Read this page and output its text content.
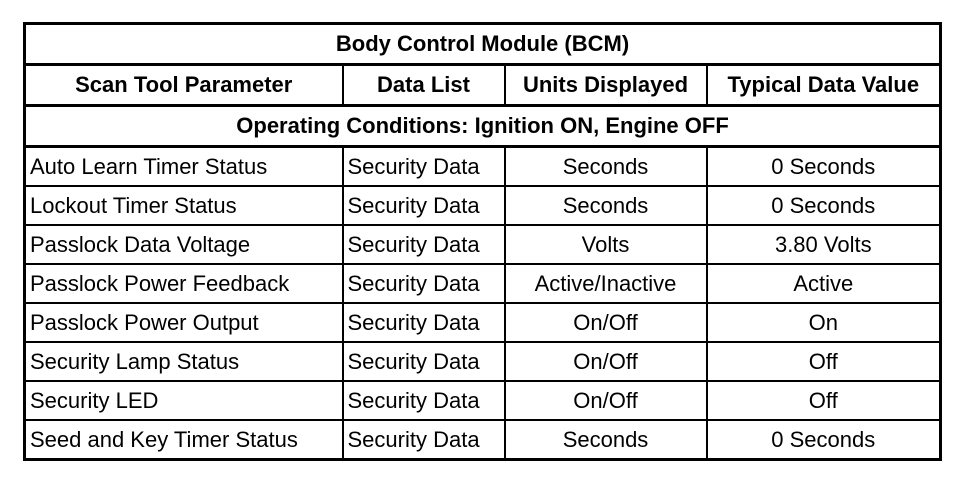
Body Control Module (BCM)			
Scan Tool Parameter	Data List	Units Displayed	Typical Data Value
Operating Conditions: Ignition ON, Engine OFF			
Auto Learn Timer Status	Security Data	Seconds	0 Seconds
Lockout Timer Status	Security Data	Seconds	0 Seconds
Passlock Data Voltage	Security Data	Volts	3.80 Volts
Passlock Power Feedback	Security Data	Active/Inactive	Active
Passlock Power Output	Security Data	On/Off	On
Security Lamp Status	Security Data	On/Off	Off
Security LED	Security Data	On/Off	Off
Seed and Key Timer Status	Security Data	Seconds	0 Seconds
